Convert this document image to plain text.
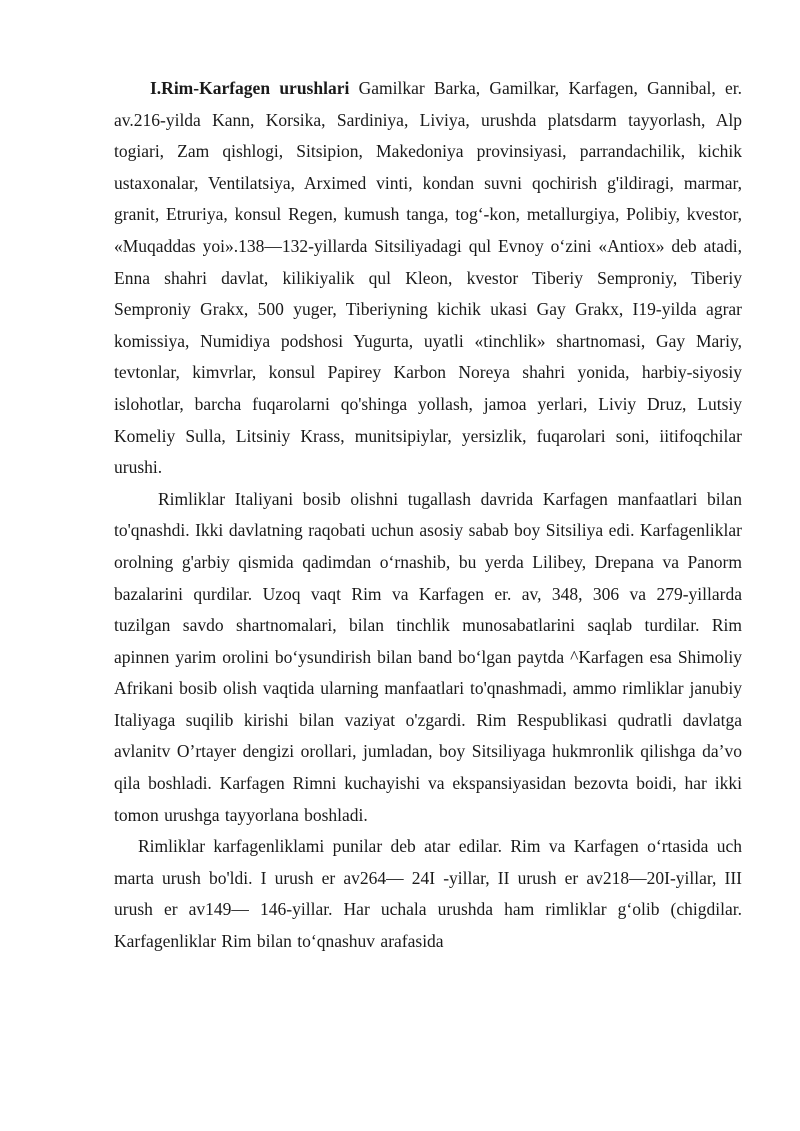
I.Rim-Karfagen urushlari Gamilkar Barka, Gamilkar, Karfagen, Gannibal, er. av.216-yilda Kann, Korsika, Sardiniya, Liviya, urushda platsdarm tayyorlash, Alp togiari, Zam qishlogi, Sitsipion, Makedoniya provinsiyasi, parrandachilik, kichik ustaxonalar, Ventilatsiya, Arximed vinti, kondan suvni qochirish g'ildiragi, marmar, granit, Etruriya, konsul Regen, kumush tanga, tog‘-kon, metallurgiya, Polibiy, kvestor, «Muqaddas yoi».138—132-yillarda Sitsiliyadagi qul Evnoy o‘zini «Antiox» deb atadi, Enna shahri davlat, kilikiyalik qul Kleon, kvestor Tiberiy Semproniy, Tiberiy Semproniy Grakx, 500 yuger, Tiberiyning kichik ukasi Gay Grakx, I19-yilda agrar komissiya, Numidiya podshosi Yugurta, uyatli «tinchlik» shartnomasi, Gay Mariy, tevtonlar, kimvrlar, konsul Papirey Karbon Noreya shahri yonida, harbiy-siyosiy islohotlar, barcha fuqarolarni qo'shinga yollash, jamoa yerlari, Liviy Druz, Lutsiy Komeliy Sulla, Litsiniy Krass, munitsipiylar, yersizlik, fuqarolari soni, iitifoqchilar urushi.

Rimliklar Italiyani bosib olishni tugallash davrida Karfagen manfaatlari bilan to'qnashdi. Ikki davlatning raqobati uchun asosiy sabab boy Sitsiliya edi. Karfagenliklar orolning g'arbiy qismida qadimdan o‘rnashib, bu yerda Lilibey, Drepana va Panorm bazalarini qurdilar. Uzoq vaqt Rim va Karfagen er. av, 348, 306 va 279-yillarda tuzilgan savdo shartnomalari, bilan tinchlik munosabatlarini saqlab turdilar. Rim apinnen yarim orolini bo‘ysundirish bilan band bo‘lgan paytda ^Karfagen esa Shimoliy Afrikani bosib olish vaqtida ularning manfaatlari to'qnashmadi, ammo rimliklar janubiy Italiyaga suqilib kirishi bilan vaziyat o'zgardi. Rim Respublikasi qudratli davlatga avlanitv O’rtayer dengizi orollari, jumladan, boy Sitsiliyaga hukmronlik qilishga da’vo qila boshladi. Karfagen Rimni kuchayishi va ekspansiyasidan bezovta boidi, har ikki tomon urushga tayyorlana boshladi.

Rimliklar karfagenliklami punilar deb atar edilar. Rim va Karfagen o‘rtasida uch marta urush bo'ldi. I urush er av264— 24I -yillar, II urush er av218—20I-yillar, III urush er av149— 146-yillar. Har uchala urushda ham rimliklar g‘olib (chigdilar. Karfagenliklar Rim bilan to‘qnashuv arafasida
